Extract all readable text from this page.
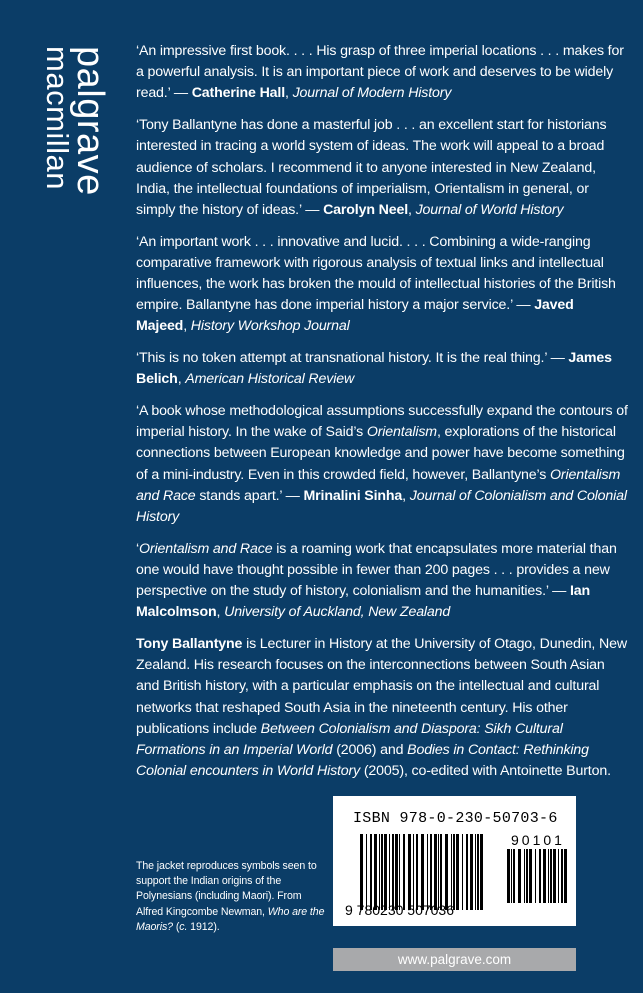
palgrave
macmillan	‘An impressive first book. . . . His grasp of three imperial locations . . . makes for a powerful analysis. It is an important piece of work and deserves to be widely read.’ — Catherine Hall, Journal of Modern History

‘Tony Ballantyne has done a masterful job . . . an excellent start for historians interested in tracing a world system of ideas. The work will appeal to a broad audience of scholars. I recommend it to anyone interested in New Zealand, India, the intellectual foundations of imperialism, Orientalism in general, or simply the history of ideas.’ — Carolyn Neel, Journal of World History

‘An important work . . . innovative and lucid. . . . Combining a wide-ranging comparative framework with rigorous analysis of textual links and intellectual influences, the work has broken the mould of intellectual histories of the British empire. Ballantyne has done imperial history a major service.’ — Javed Majeed, History Workshop Journal

‘This is no token attempt at transnational history. It is the real thing.’ — James Belich, American Historical Review

‘A book whose methodological assumptions successfully expand the contours of imperial history. In the wake of Said’s Orientalism, explorations of the historical connections between European knowledge and power have become something of a mini-industry. Even in this crowded field, however, Ballantyne’s Orientalism and Race stands apart.’ — Mrinalini Sinha, Journal of Colonialism and Colonial History

‘Orientalism and Race is a roaming work that encapsulates more material than one would have thought possible in fewer than 200 pages . . . provides a new perspective on the study of history, colonialism and the humanities.’ — Ian Malcolmson, University of Auckland, New Zealand

Tony Ballantyne is Lecturer in History at the University of Otago, Dunedin, New Zealand. His research focuses on the interconnections between South Asian and British history, with a particular emphasis on the intellectual and cultural networks that reshaped South Asia in the nineteenth century. His other publications include Between Colonialism and Diaspora: Sikh Cultural Formations in an Imperial World (2006) and Bodies in Contact: Rethinking Colonial encounters in World History (2005), co-edited with Antoinette Burton.

The jacket reproduces symbols seen to support the Indian origins of the Polynesians (including Maori). From Alfred Kingcombe Newman, Who are the Maoris? (c. 1912).
ISBN 978-0-230-50703-6
9 780230 507036
90101
www.palgrave.com
